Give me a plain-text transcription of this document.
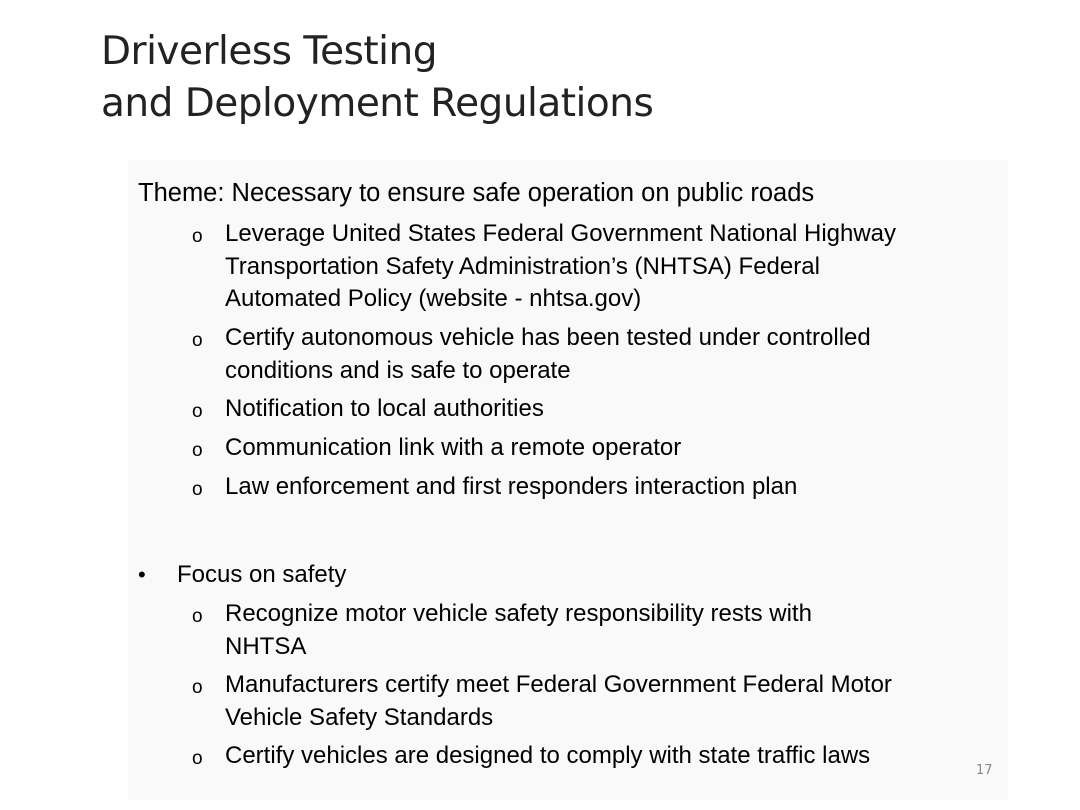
Driverless Testing
and Deployment Regulations
Theme: Necessary to ensure safe operation on public roads
o Leverage United States Federal Government National Highway
Transportation Safety Administration’s (NHTSA) Federal
Automated Policy (website - nhtsa.gov)
o Certify autonomous vehicle has been tested under controlled
conditions and is safe to operate
o Notification to local authorities
o Communication link with a remote operator
o Law enforcement and first responders interaction plan
• Focus on safety
o Recognize motor vehicle safety responsibility rests with
NHTSA
o Manufacturers certify meet Federal Government Federal Motor
Vehicle Safety Standards
o Certify vehicles are designed to comply with state traffic laws
17
